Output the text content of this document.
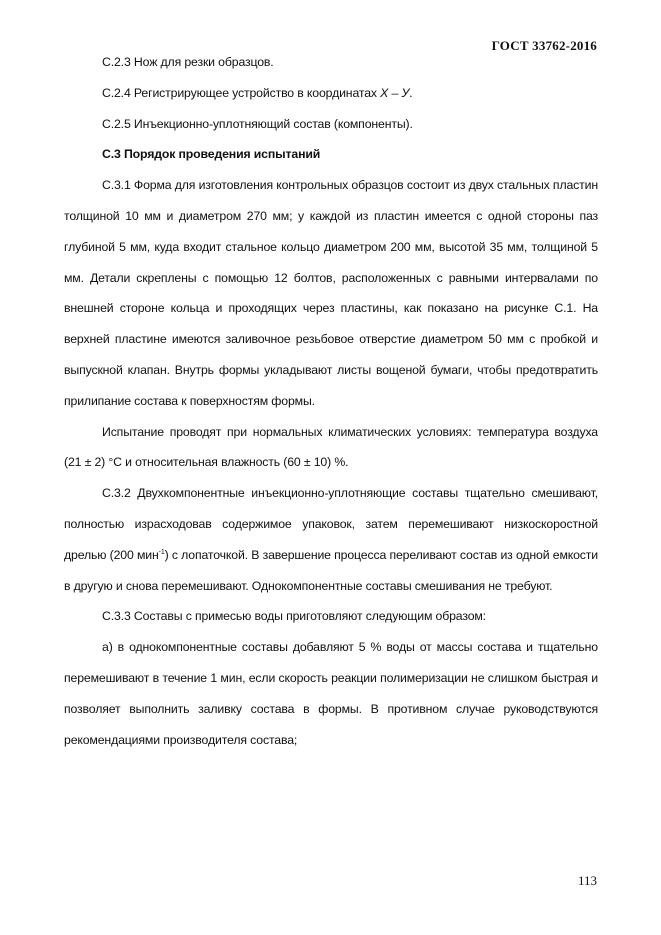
ГОСТ 33762-2016

С.2.3 Нож для резки образцов.

С.2.4 Регистрирующее устройство в координатах X – У.

С.2.5 Инъекционно-уплотняющий состав (компоненты).

С.3 Порядок проведения испытаний

С.3.1 Форма для изготовления контрольных образцов состоит из двух стальных пластин толщиной 10 мм и диаметром 270 мм; у каждой из пластин имеется с одной стороны паз глубиной 5 мм, куда входит стальное кольцо диаметром 200 мм, высотой 35 мм, толщиной 5 мм. Детали скреплены с помощью 12 болтов, расположенных с равными интервалами по внешней стороне кольца и проходящих через пластины, как показано на рисунке С.1. На верхней пластине имеются заливочное резьбовое отверстие диаметром 50 мм с пробкой и выпускной клапан. Внутрь формы укладывают листы вощеной бумаги, чтобы предотвратить прилипание состава к поверхностям формы.

Испытание проводят при нормальных климатических условиях: температура воздуха (21 ± 2) °С и относительная влажность (60 ± 10) %.

С.3.2 Двухкомпонентные инъекционно-уплотняющие составы тщательно смешивают, полностью израсходовав содержимое упаковок, затем перемешивают низкоскоростной дрелью (200 мин$^{-1}$) с лопаточкой. В завершение процесса переливают состав из одной емкости в другую и снова перемешивают. Однокомпонентные составы смешивания не требуют.

С.3.3 Составы с примесью воды приготовляют следующим образом:

а) в однокомпонентные составы добавляют 5 % воды от массы состава и тщательно перемешивают в течение 1 мин, если скорость реакции полимеризации не слишком быстрая и позволяет выполнить заливку состава в формы. В противном случае руководствуются рекомендациями производителя состава;

113
